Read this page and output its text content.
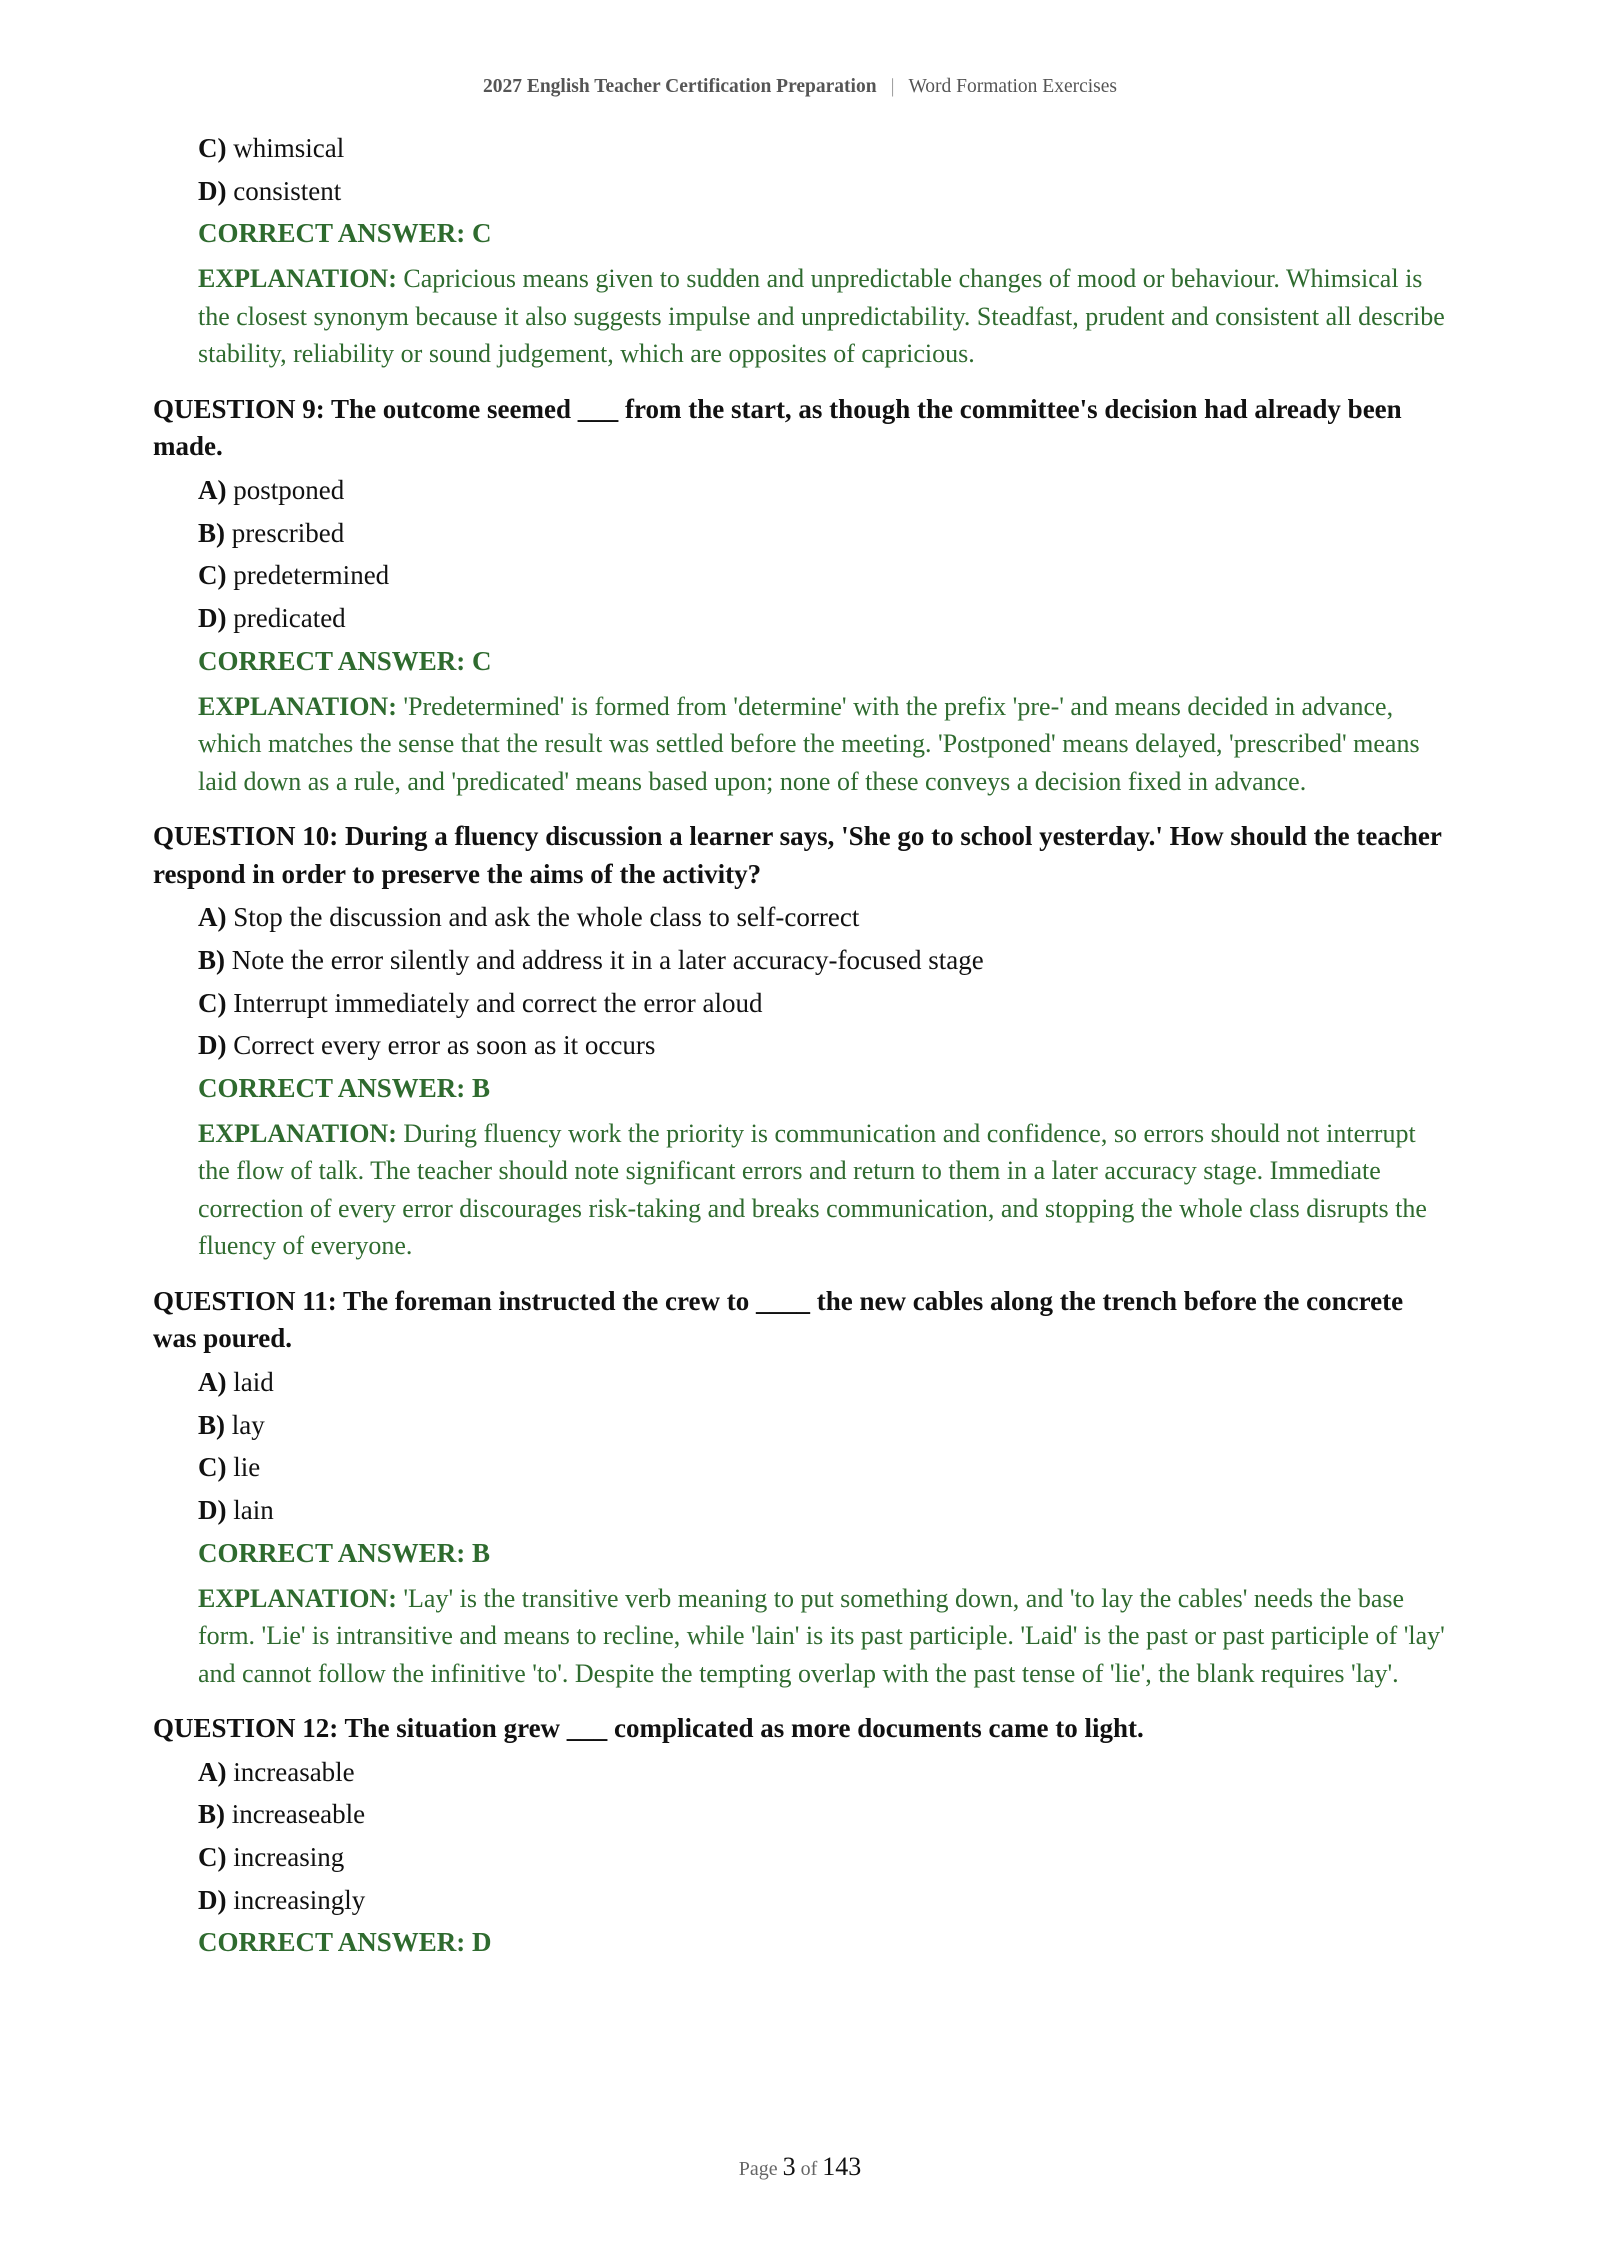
2027 English Teacher Certification Preparation | Word Formation Exercises
C) whimsical
D) consistent
CORRECT ANSWER: C
EXPLANATION: Capricious means given to sudden and unpredictable changes of mood or behaviour. Whimsical is the closest synonym because it also suggests impulse and unpredictability. Steadfast, prudent and consistent all describe stability, reliability or sound judgement, which are opposites of capricious.
QUESTION 9: The outcome seemed ___ from the start, as though the committee's decision had already been made.
A) postponed
B) prescribed
C) predetermined
D) predicated
CORRECT ANSWER: C
EXPLANATION: 'Predetermined' is formed from 'determine' with the prefix 'pre-' and means decided in advance, which matches the sense that the result was settled before the meeting. 'Postponed' means delayed, 'prescribed' means laid down as a rule, and 'predicated' means based upon; none of these conveys a decision fixed in advance.
QUESTION 10: During a fluency discussion a learner says, 'She go to school yesterday.' How should the teacher respond in order to preserve the aims of the activity?
A) Stop the discussion and ask the whole class to self-correct
B) Note the error silently and address it in a later accuracy-focused stage
C) Interrupt immediately and correct the error aloud
D) Correct every error as soon as it occurs
CORRECT ANSWER: B
EXPLANATION: During fluency work the priority is communication and confidence, so errors should not interrupt the flow of talk. The teacher should note significant errors and return to them in a later accuracy stage. Immediate correction of every error discourages risk-taking and breaks communication, and stopping the whole class disrupts the fluency of everyone.
QUESTION 11: The foreman instructed the crew to ____ the new cables along the trench before the concrete was poured.
A) laid
B) lay
C) lie
D) lain
CORRECT ANSWER: B
EXPLANATION: 'Lay' is the transitive verb meaning to put something down, and 'to lay the cables' needs the base form. 'Lie' is intransitive and means to recline, while 'lain' is its past participle. 'Laid' is the past or past participle of 'lay' and cannot follow the infinitive 'to'. Despite the tempting overlap with the past tense of 'lie', the blank requires 'lay'.
QUESTION 12: The situation grew ___ complicated as more documents came to light.
A) increasable
B) increaseable
C) increasing
D) increasingly
CORRECT ANSWER: D
Page 3 of 143
